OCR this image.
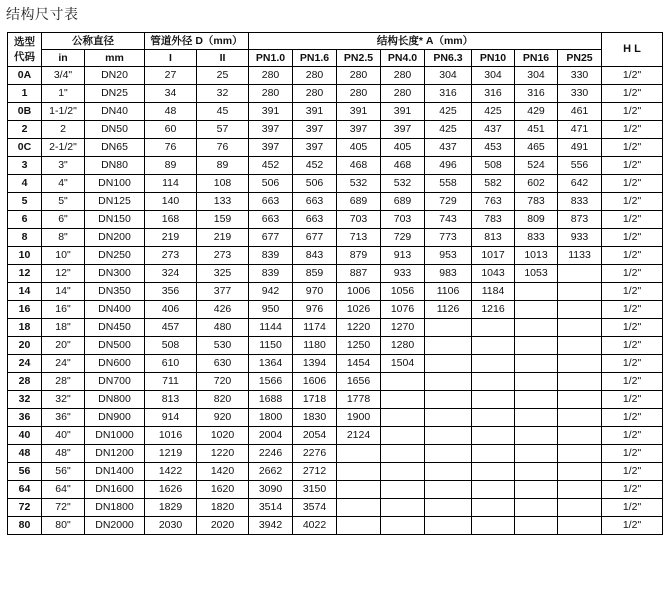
结构尺寸表
选型
代码	公称直径		管道外径 D（mm）		结构长度* A（mm）								H L
	in	mm	I	II	PN1.0	PN1.6	PN2.5	PN4.0	PN6.3	PN10	PN16	PN25	
0A	3/4"	DN20	27	25	280	280	280	280	304	304	304	330	1/2"
1	1"	DN25	34	32	280	280	280	280	316	316	316	330	1/2"
0B	1-1/2"	DN40	48	45	391	391	391	391	425	425	429	461	1/2"
2	2	DN50	60	57	397	397	397	397	425	437	451	471	1/2"
0C	2-1/2"	DN65	76	76	397	397	405	405	437	453	465	491	1/2"
3	3"	DN80	89	89	452	452	468	468	496	508	524	556	1/2"
4	4"	DN100	114	108	506	506	532	532	558	582	602	642	1/2"
5	5"	DN125	140	133	663	663	689	689	729	763	783	833	1/2"
6	6"	DN150	168	159	663	663	703	703	743	783	809	873	1/2"
8	8"	DN200	219	219	677	677	713	729	773	813	833	933	1/2"
10	10"	DN250	273	273	839	843	879	913	953	1017	1013	1133	1/2"
12	12"	DN300	324	325	839	859	887	933	983	1043	1053		1/2"
14	14"	DN350	356	377	942	970	1006	1056	1106	1184			1/2"
16	16"	DN400	406	426	950	976	1026	1076	1126	1216			1/2"
18	18"	DN450	457	480	1144	1174	1220	1270					1/2"
20	20"	DN500	508	530	1150	1180	1250	1280					1/2"
24	24"	DN600	610	630	1364	1394	1454	1504					1/2"
28	28"	DN700	711	720	1566	1606	1656						1/2"
32	32"	DN800	813	820	1688	1718	1778						1/2"
36	36"	DN900	914	920	1800	1830	1900						1/2"
40	40"	DN1000	1016	1020	2004	2054	2124						1/2"
48	48"	DN1200	1219	1220	2246	2276							1/2"
56	56"	DN1400	1422	1420	2662	2712							1/2"
64	64"	DN1600	1626	1620	3090	3150							1/2"
72	72"	DN1800	1829	1820	3514	3574							1/2"
80	80"	DN2000	2030	2020	3942	4022							1/2"
